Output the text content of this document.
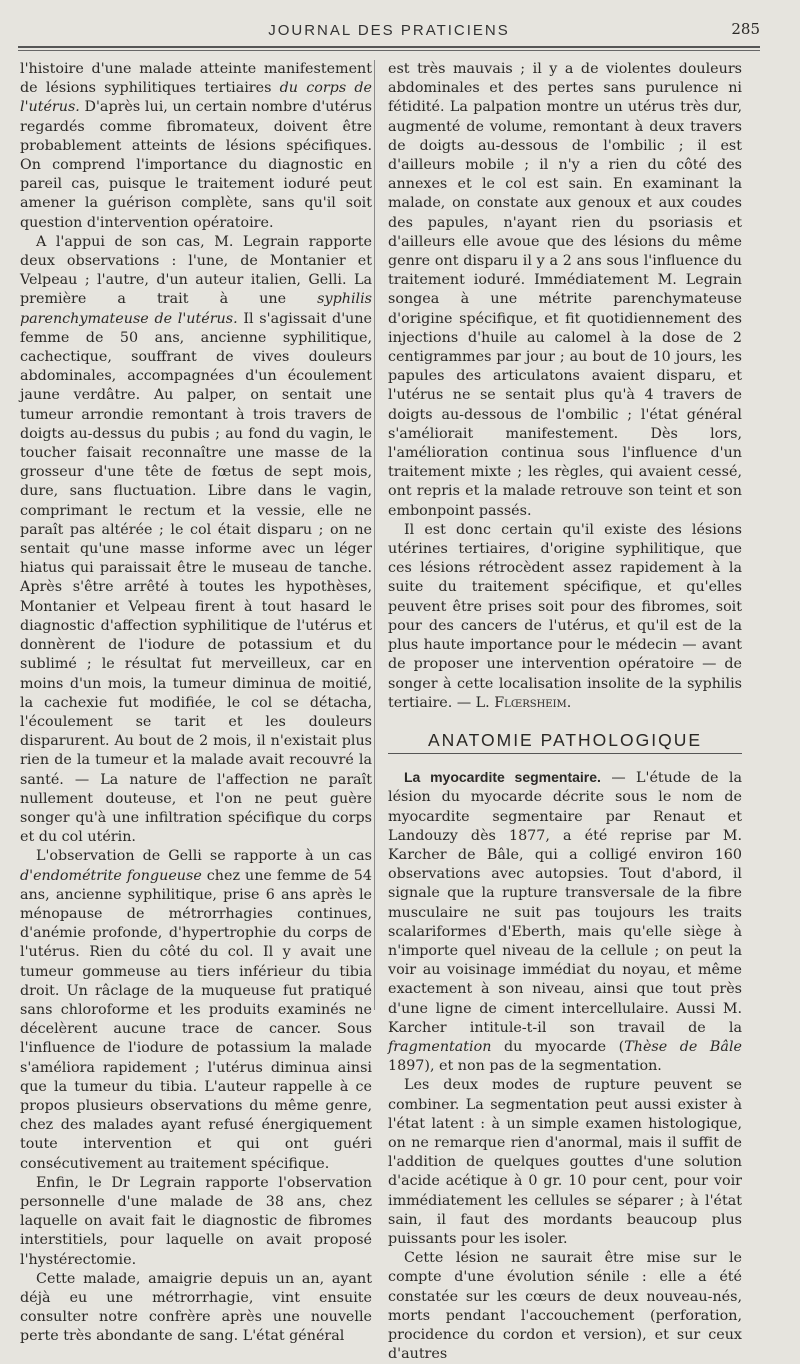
JOURNAL DES PRATICIENS	285

l'histoire d'une malade atteinte manifestement de lésions syphilitiques tertiaires du corps de l'utérus. D'après lui, un certain nombre d'utérus regardés comme fibromateux, doivent être probablement atteints de lésions spécifiques. On comprend l'importance du diagnostic en pareil cas, puisque le traitement ioduré peut amener la guérison complète, sans qu'il soit question d'intervention opératoire.

A l'appui de son cas, M. Legrain rapporte deux observations : l'une, de Montanier et Velpeau ; l'autre, d'un auteur italien, Gelli. La première a trait à une syphilis parenchymateuse de l'utérus. Il s'agissait d'une femme de 50 ans, ancienne syphilitique, cachectique, souffrant de vives douleurs abdominales, accompagnées d'un écoulement jaune verdâtre. Au palper, on sentait une tumeur arrondie remontant à trois travers de doigts au-dessus du pubis ; au fond du vagin, le toucher faisait reconnaître une masse de la grosseur d'une tête de fœtus de sept mois, dure, sans fluctuation. Libre dans le vagin, comprimant le rectum et la vessie, elle ne paraît pas altérée ; le col était disparu ; on ne sentait qu'une masse informe avec un léger hiatus qui paraissait être le museau de tanche. Après s'être arrêté à toutes les hypothèses, Montanier et Velpeau firent à tout hasard le diagnostic d'affection syphilitique de l'utérus et donnèrent de l'iodure de potassium et du sublimé ; le résultat fut merveilleux, car en moins d'un mois, la tumeur diminua de moitié, la cachexie fut modifiée, le col se détacha, l'écoulement se tarit et les douleurs disparurent. Au bout de 2 mois, il n'existait plus rien de la tumeur et la malade avait recouvré la santé. — La nature de l'affection ne paraît nullement douteuse, et l'on ne peut guère songer qu'à une infiltration spécifique du corps et du col utérin.

L'observation de Gelli se rapporte à un cas d'endométrite fongueuse chez une femme de 54 ans, ancienne syphilitique, prise 6 ans après le ménopause de métrorrhagies continues, d'anémie profonde, d'hypertrophie du corps de l'utérus. Rien du côté du col. Il y avait une tumeur gommeuse au tiers inférieur du tibia droit. Un râclage de la muqueuse fut pratiqué sans chloroforme et les produits examinés ne décelèrent aucune trace de cancer. Sous l'influence de l'iodure de potassium la malade s'améliora rapidement ; l'utérus diminua ainsi que la tumeur du tibia. L'auteur rappelle à ce propos plusieurs observations du même genre, chez des malades ayant refusé énergiquement toute intervention et qui ont guéri consécutivement au traitement spécifique.

Enfin, le Dr Legrain rapporte l'observation personnelle d'une malade de 38 ans, chez laquelle on avait fait le diagnostic de fibromes interstitiels, pour laquelle on avait proposé l'hystérectomie.

Cette malade, amaigrie depuis un an, ayant déjà eu une métrorrhagie, vint ensuite consulter notre confrère après une nouvelle perte très abondante de sang. L'état général

est très mauvais ; il y a de violentes douleurs abdominales et des pertes sans purulence ni fétidité. La palpation montre un utérus très dur, augmenté de volume, remontant à deux travers de doigts au-dessous de l'ombilic ; il est d'ailleurs mobile ; il n'y a rien du côté des annexes et le col est sain. En examinant la malade, on constate aux genoux et aux coudes des papules, n'ayant rien du psoriasis et d'ailleurs elle avoue que des lésions du même genre ont disparu il y a 2 ans sous l'influence du traitement ioduré. Immédiatement M. Legrain songea à une métrite parenchymateuse d'origine spécifique, et fit quotidiennement des injections d'huile au calomel à la dose de 2 centigrammes par jour ; au bout de 10 jours, les papules des articulatons avaient disparu, et l'utérus ne se sentait plus qu'à 4 travers de doigts au-dessous de l'ombilic ; l'état général s'améliorait manifestement. Dès lors, l'amélioration continua sous l'influence d'un traitement mixte ; les règles, qui avaient cessé, ont repris et la malade retrouve son teint et son embonpoint passés.

Il est donc certain qu'il existe des lésions utérines tertiaires, d'origine syphilitique, que ces lésions rétrocèdent assez rapidement à la suite du traitement spécifique, et qu'elles peuvent être prises soit pour des fibromes, soit pour des cancers de l'utérus, et qu'il est de la plus haute importance pour le médecin — avant de proposer une intervention opératoire — de songer à cette localisation insolite de la syphilis tertiaire. — L. Flœrsheim.

ANATOMIE PATHOLOGIQUE

La myocardite segmentaire. — L'étude de la lésion du myocarde décrite sous le nom de myocardite segmentaire par Renaut et Landouzy dès 1877, a été reprise par M. Karcher de Bâle, qui a colligé environ 160 observations avec autopsies. Tout d'abord, il signale que la rupture transversale de la fibre musculaire ne suit pas toujours les traits scalariformes d'Eberth, mais qu'elle siège à n'importe quel niveau de la cellule ; on peut la voir au voisinage immédiat du noyau, et même exactement à son niveau, ainsi que tout près d'une ligne de ciment intercellulaire. Aussi M. Karcher intitule-t-il son travail de la fragmentation du myocarde (Thèse de Bâle 1897), et non pas de la segmentation.

Les deux modes de rupture peuvent se combiner. La segmentation peut aussi exister à l'état latent : à un simple examen histologique, on ne remarque rien d'anormal, mais il suffit de l'addition de quelques gouttes d'une solution d'acide acétique à 0 gr. 10 pour cent, pour voir immédiatement les cellules se séparer ; à l'état sain, il faut des mordants beaucoup plus puissants pour les isoler.

Cette lésion ne saurait être mise sur le compte d'une évolution sénile : elle a été constatée sur les cœurs de deux nouveau-nés, morts pendant l'accouchement (perforation, procidence du cordon et version), et sur ceux d'autres
